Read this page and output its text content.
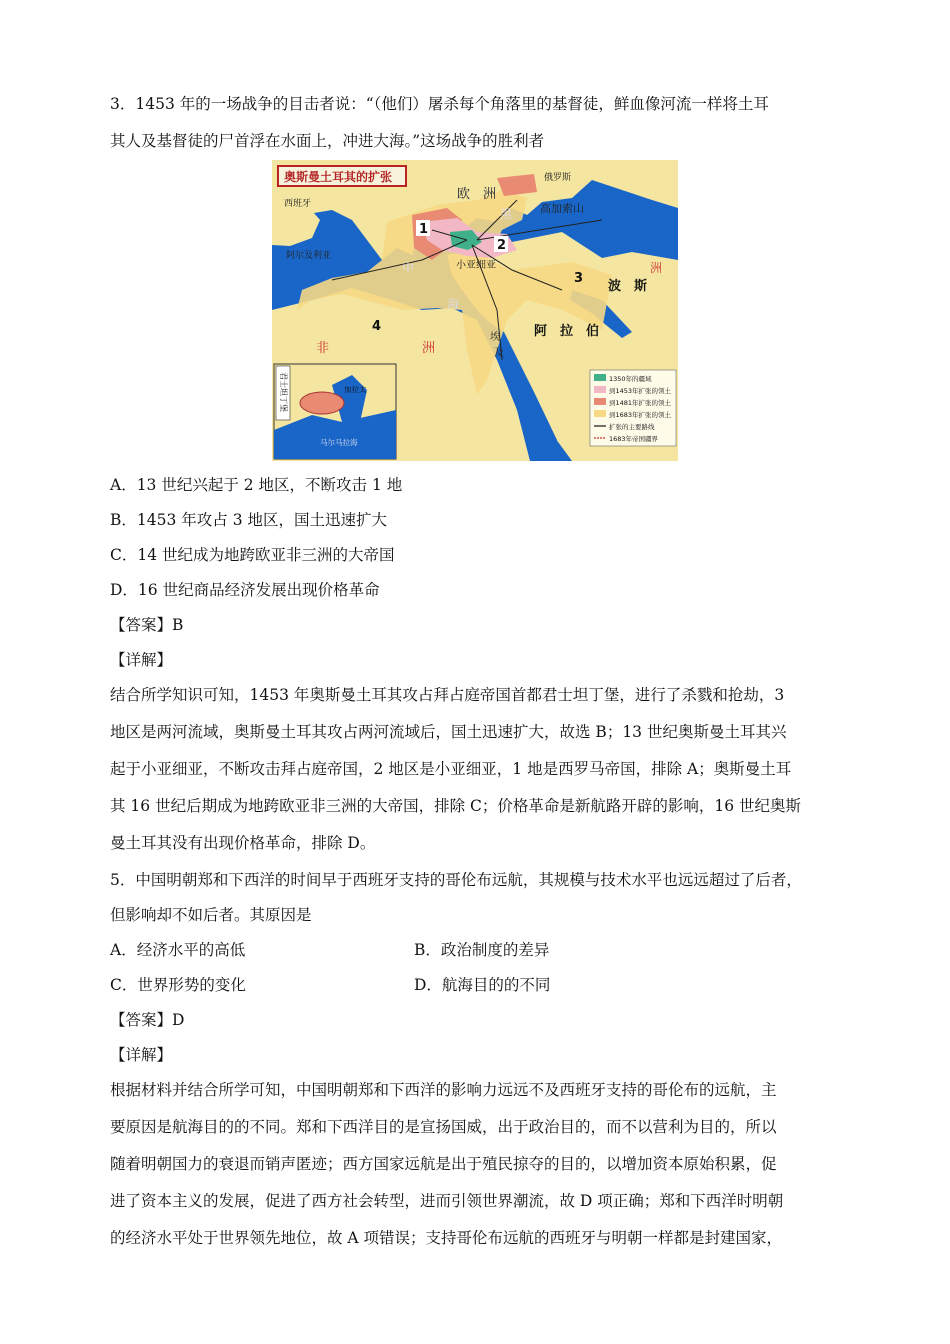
3．1453 年的一场战争的目击者说：“（他们）屠杀每个角落里的基督徒，鲜血像河流一样将土耳
其人及基督徒的尸首浮在水面上，冲进大海。”这场战争的胜利者
奥斯曼土耳其的扩张
欧　洲
俄罗斯
西班牙
阿尔及利亚
高加索山
小亚细亚
波　斯
阿　拉　伯
非	洲
洲
埃
及
中
海
黑
1
2
3
4
君士坦丁堡	加拉太
马尔马拉海
1350年的疆域
到1453年扩张的领土
到1481年扩张的领土
到1683年扩张的领土
扩张的主要路线
1683年帝国疆界
A．13 世纪兴起于 2 地区，不断攻击 1 地
B．1453 年攻占 3 地区，国土迅速扩大
C．14 世纪成为地跨欧亚非三洲的大帝国
D．16 世纪商品经济发展出现价格革命
【答案】B
【详解】
结合所学知识可知，1453 年奥斯曼土耳其攻占拜占庭帝国首都君士坦丁堡，进行了杀戮和抢劫，3
地区是两河流域，奥斯曼土耳其攻占两河流域后，国土迅速扩大，故选 B；13 世纪奥斯曼土耳其兴
起于小亚细亚，不断攻击拜占庭帝国，2 地区是小亚细亚，1 地是西罗马帝国，排除 A；奥斯曼土耳
其 16 世纪后期成为地跨欧亚非三洲的大帝国，排除 C；价格革命是新航路开辟的影响，16 世纪奥斯
曼土耳其没有出现价格革命，排除 D。
5．中国明朝郑和下西洋的时间早于西班牙支持的哥伦布远航，其规模与技术水平也远远超过了后者，
但影响却不如后者。其原因是
A．经济水平的高低	B．政治制度的差异
C．世界形势的变化	D．航海目的的不同
【答案】D
【详解】
根据材料并结合所学可知，中国明朝郑和下西洋的影响力远远不及西班牙支持的哥伦布的远航，主
要原因是航海目的的不同。郑和下西洋目的是宣扬国威，出于政治目的，而不以营利为目的，所以
随着明朝国力的衰退而销声匿迹；西方国家远航是出于殖民掠夺的目的，以增加资本原始积累，促
进了资本主义的发展，促进了西方社会转型，进而引领世界潮流，故 D 项正确；郑和下西洋时明朝
的经济水平处于世界领先地位，故 A 项错误；支持哥伦布远航的西班牙与明朝一样都是封建国家，
